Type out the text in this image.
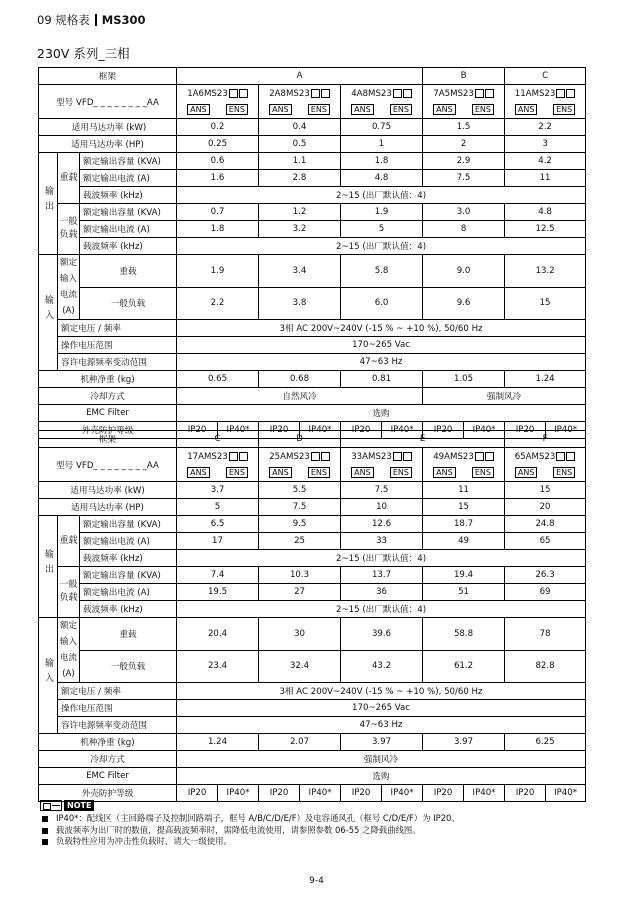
09 规格表 MS300
230V 系列_三相
框架			A						B		C	
型号 VFD_ _ _ _ _ _ _ _AA			1A6MS23		2A8MS23		4A8MS23		7A5MS23		11AMS23	

			ANS ENS		ANS ENS		ANS ENS		ANS ENS		ANS ENS	

适用马达功率 (kW)			0.2		0.4		0.75		1.5		2.2	
适用马达功率 (HP)			0.25		0.5		1		2		3	
输出	重载	额定输出容量 (KVA)	0.6		1.1		1.8		2.9		4.2	
		额定输出电流 (A)	1.6		2.8		4.8		7.5		11	
		载波频率 (kHz)	2~15 (出厂默认值：4)									
	一般负载	额定输出容量 (KVA)	0.7		1.2		1.9		3.0		4.8	
		额定输出电流 (A)	1.8		3.2		5		8		12.5	
		载波频率 (kHz)	2~15 (出厂默认值：4)									
输入	额定输入
电流 (A)	重载	1.9		3.4		5.8		9.0		13.2	
		一般负载	2.2		3.8		6.0		9.6		15	
	额定电压 / 频率		3相 AC 200V~240V (-15 % ~ +10 %), 50/60 Hz									
	操作电压范围		170~265 Vac									
	容许电源频率变动范围		47~63 Hz									
机种净重 (kg)			0.65		0.68		0.81		1.05		1.24	
冷却方式			自然风冷						强制风冷			
EMC Filter			选购									
外壳防护等级			IP20	IP40*	IP20	IP40*	IP20	IP40*	IP20	IP40*	IP20	IP40*
框架			C		D		E				F	
型号 VFD_ _ _ _ _ _ _ _AA			17AMS23		25AMS23		33AMS23		49AMS23		65AMS23	

			ANS ENS		ANS ENS		ANS ENS		ANS ENS		ANS ENS	

适用马达功率 (kW)			3.7		5.5		7.5		11		15	
适用马达功率 (HP)			5		7.5		10		15		20	
输出	重载	额定输出容量 (KVA)	6.5		9.5		12.6		18.7		24.8	
		额定输出电流 (A)	17		25		33		49		65	
		载波频率 (kHz)	2~15 (出厂默认值：4)									
	一般负载	额定输出容量 (KVA)	7.4		10.3		13.7		19.4		26.3	
		额定输出电流 (A)	19.5		27		36		51		69	
		载波频率 (kHz)	2~15 (出厂默认值：4)									
输入	额定输入
电流 (A)	重载	20.4		30		39.6		58.8		78	
		一般负载	23.4		32.4		43.2		61.2		82.8	
	额定电压 / 频率		3相 AC 200V~240V (-15 % ~ +10 %), 50/60 Hz									
	操作电压范围		170~265 Vac									
	容许电源频率变动范围		47~63 Hz									
机种净重 (kg)			1.24		2.07		3.97		3.97		6.25	
冷却方式			强制风冷									
EMC Filter			选购									
外壳防护等级			IP20	IP40*	IP20	IP40*	IP20	IP40*	IP20	IP40*	IP20	IP40*
NOTE
IP40*：配线区（主回路端子及控制回路端子，框号 A/B/C/D/E/F）及电容通风孔（框号 C/D/E/F）为 IP20。
载波频率为出厂时的数值，提高载波频率时，需降低电流使用，请参照参数 06-55 之降载曲线图。
负载特性应用为冲击性负载时，请大一级使用。
9-4
